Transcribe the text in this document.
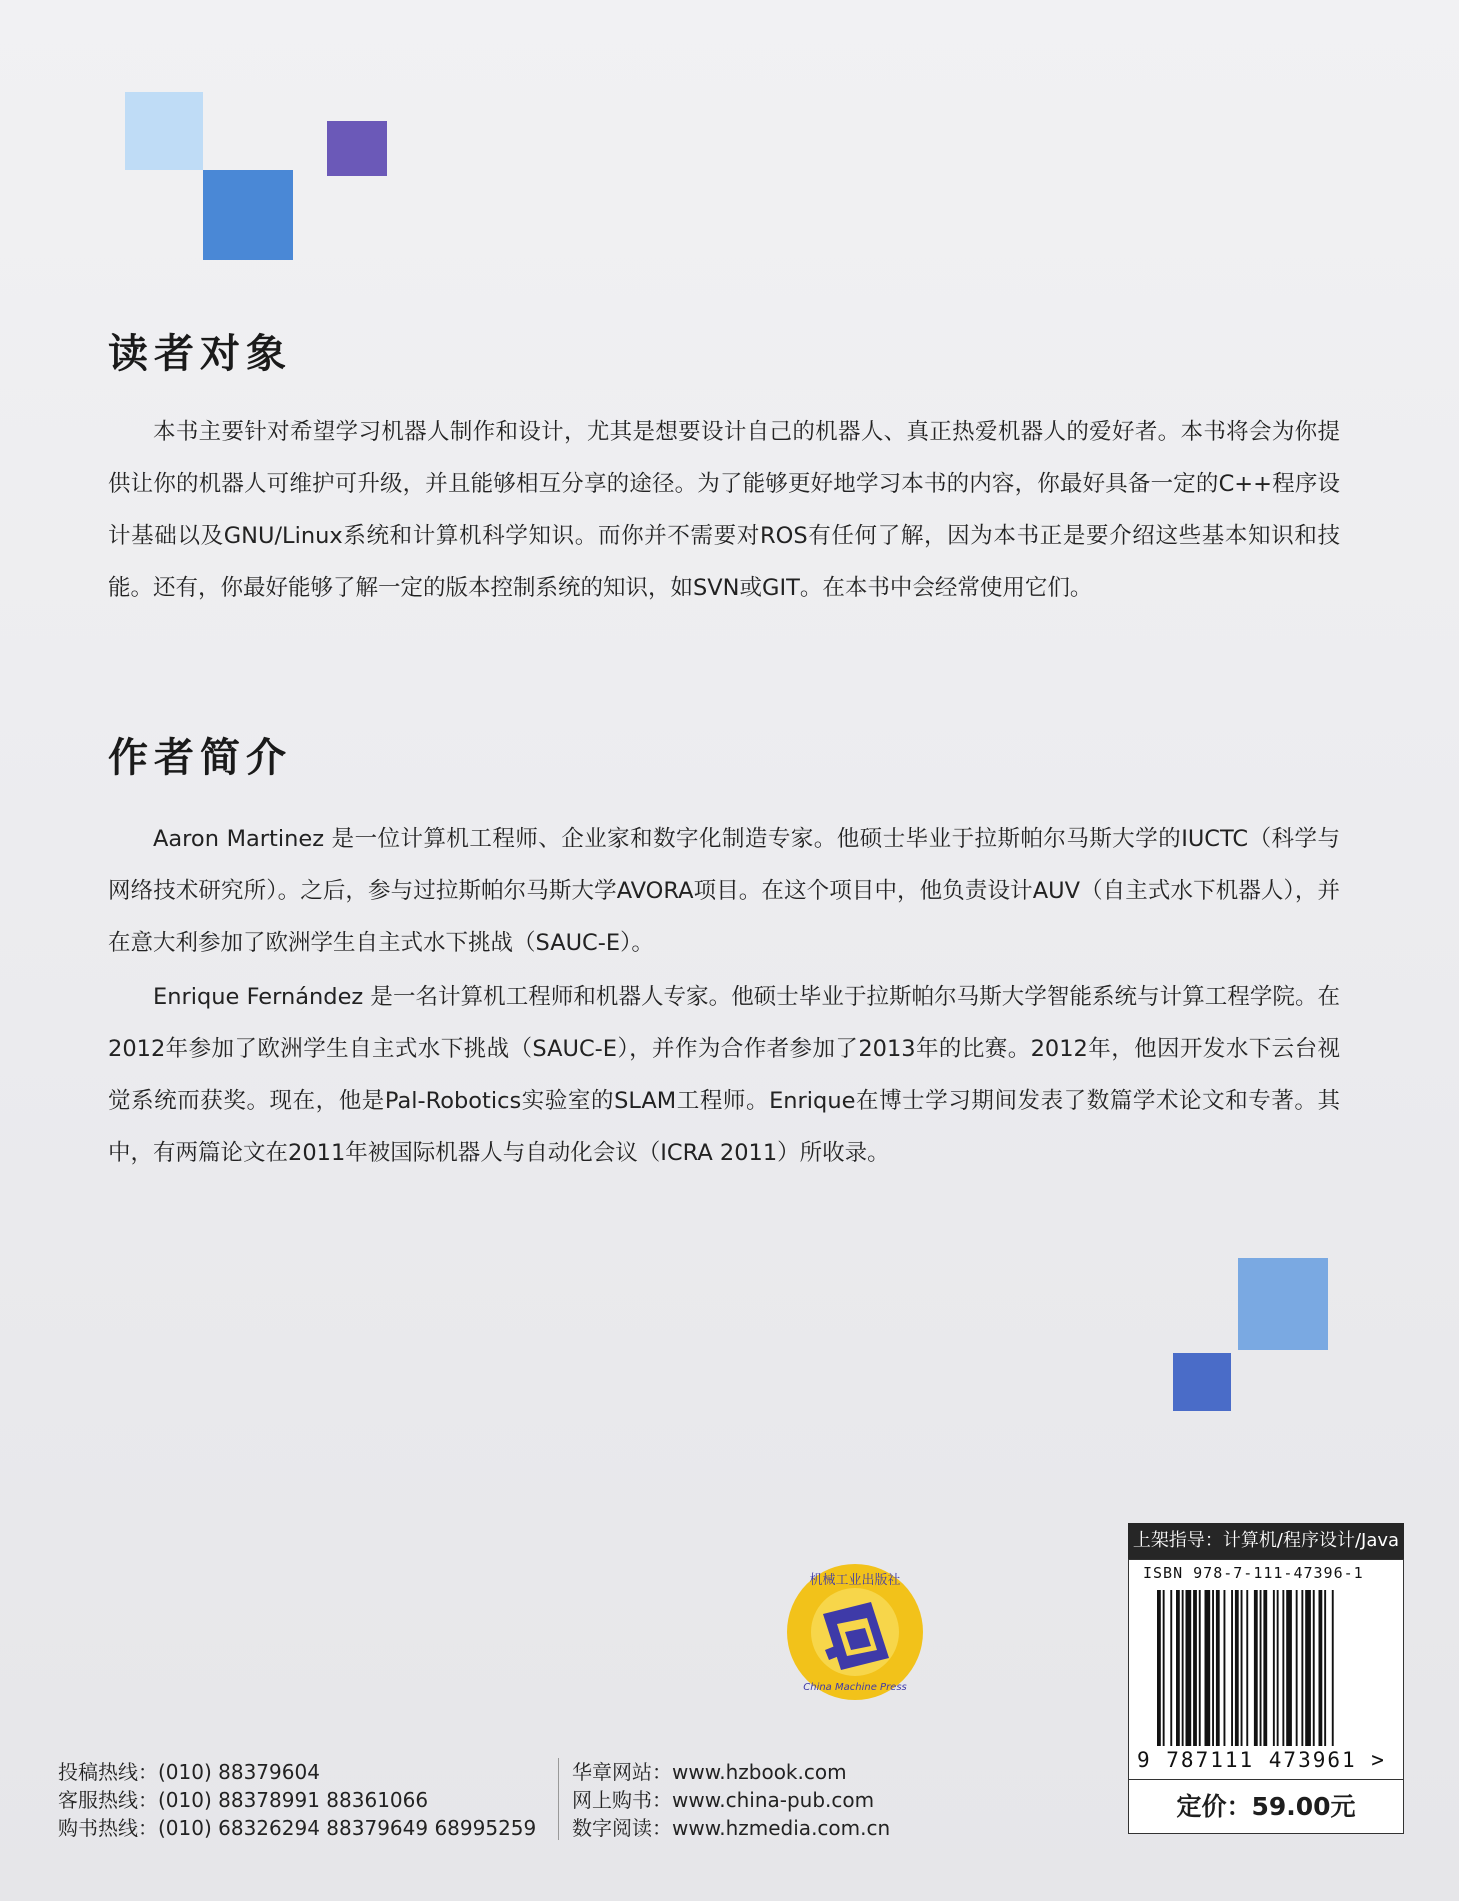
读者对象

本书主要针对希望学习机器人制作和设计，尤其是想要设计自己的机器人、真正热爱机器人的爱好者。本书将会为你提供让你的机器人可维护可升级，并且能够相互分享的途径。为了能够更好地学习本书的内容，你最好具备一定的C++程序设计基础以及GNU/Linux系统和计算机科学知识。而你并不需要对ROS有任何了解，因为本书正是要介绍这些基本知识和技能。还有，你最好能够了解一定的版本控制系统的知识，如SVN或GIT。在本书中会经常使用它们。

作者简介

Aaron Martinez 是一位计算机工程师、企业家和数字化制造专家。他硕士毕业于拉斯帕尔马斯大学的IUCTC（科学与网络技术研究所）。之后，参与过拉斯帕尔马斯大学AVORA项目。在这个项目中，他负责设计AUV（自主式水下机器人），并在意大利参加了欧洲学生自主式水下挑战（SAUC-E）。

Enrique Fernández 是一名计算机工程师和机器人专家。他硕士毕业于拉斯帕尔马斯大学智能系统与计算工程学院。在2012年参加了欧洲学生自主式水下挑战（SAUC-E），并作为合作者参加了2013年的比赛。2012年，他因开发水下云台视觉系统而获奖。现在，他是Pal-Robotics实验室的SLAM工程师。Enrique在博士学习期间发表了数篇学术论文和专著。其中，有两篇论文在2011年被国际机器人与自动化会议（ICRA 2011）所收录。

机械工业出版社
China Machine Press
投稿热线：(010) 88379604
客服热线：(010) 88378991 88361066
购书热线：(010) 68326294 88379649 68995259
华章网站：www.hzbook.com
网上购书：www.china-pub.com
数字阅读：www.hzmedia.com.cn
上架指导：计算机/程序设计/Java
ISBN 978-7-111-47396-1
9 787111 473961 >
定价：59.00元
